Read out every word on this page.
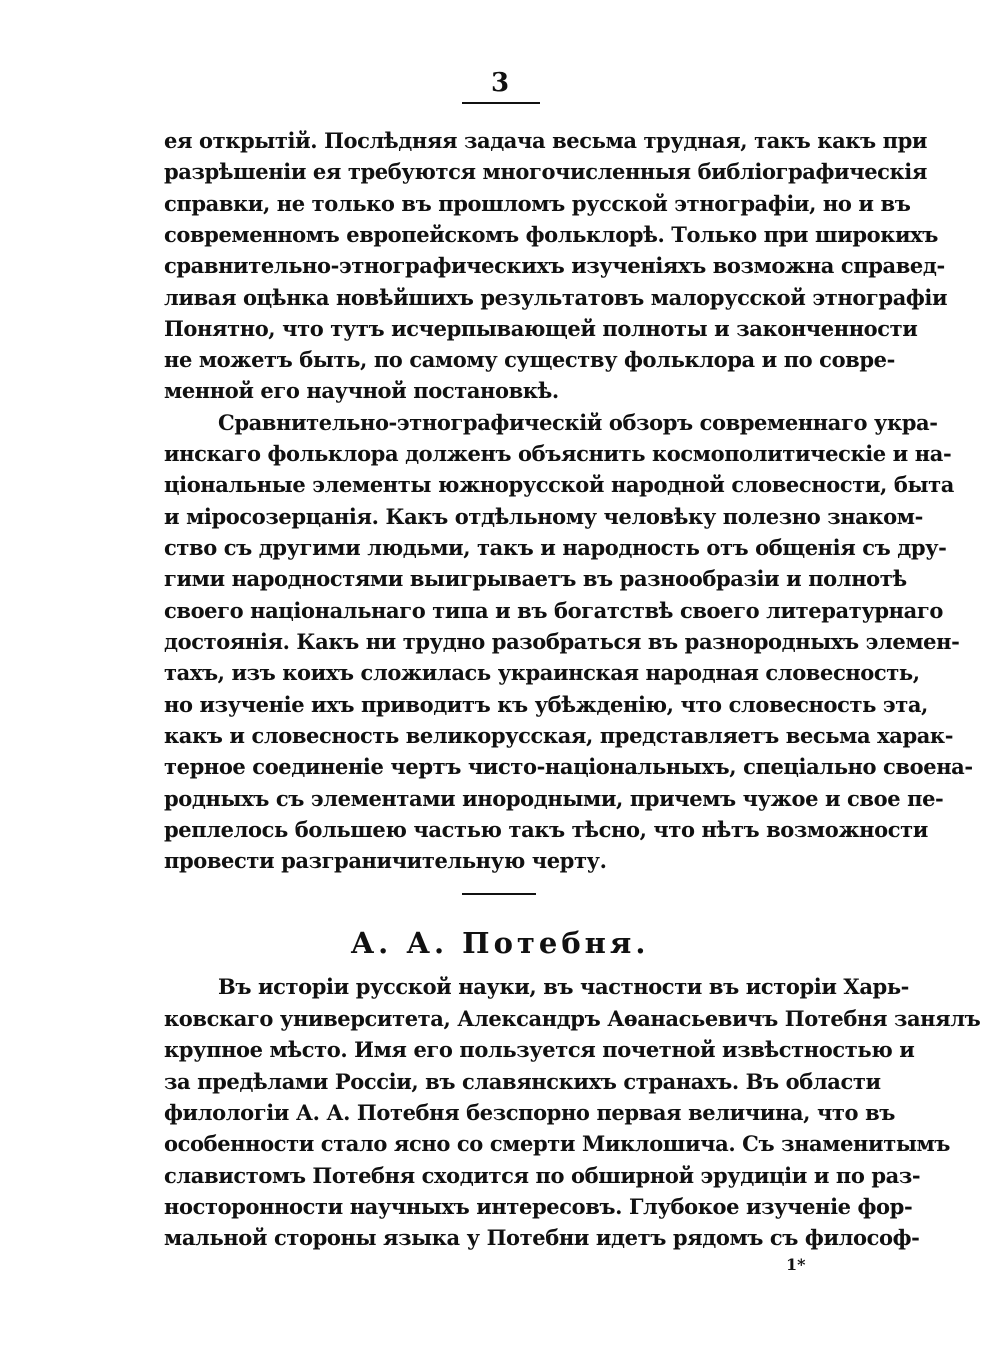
3
ея открытій. Послѣдняя задача весьма трудная, такъ какъ при
разрѣшеніи ея требуются многочисленныя библіографическія
справки, не только въ прошломъ русской этнографіи, но и въ
современномъ европейскомъ фольклорѣ. Только при широкихъ
сравнительно-этнографическихъ изученіяхъ возможна справед-
ливая оцѣнка новѣйшихъ результатовъ малорусской этнографіи
Понятно, что тутъ исчерпывающей полноты и законченности
не можетъ быть, по самому существу фольклора и по совре-
менной его научной постановкѣ.
Сравнительно-этнографическій обзоръ современнаго укра-
инскаго фольклора долженъ объяснить космополитическіе и на-
ціональные элементы южнорусской народной словесности, быта
и міросозерцанія. Какъ отдѣльному человѣку полезно знаком-
ство съ другими людьми, такъ и народность отъ общенія съ дру-
гими народностями выигрываетъ въ разнообразіи и полнотѣ
своего національнаго типа и въ богатствѣ своего литературнаго
достоянія. Какъ ни трудно разобраться въ разнородныхъ элемен-
тахъ, изъ коихъ сложилась украинская народная словесность,
но изученіе ихъ приводитъ къ убѣжденію, что словесность эта,
какъ и словесность великорусская, представляетъ весьма харак-
терное соединеніе чертъ чисто-національныхъ, спеціально своена-
родныхъ съ элементами инородными, причемъ чужое и свое пе-
реплелось большею частью такъ тѣсно, что нѣтъ возможности
провести разграничительную черту.
А. А. Потебня.
Въ исторіи русской науки, въ частности въ исторіи Харь-
ковскаго университета, Александръ Аѳанасьевичъ Потебня занялъ
крупное мѣсто. Имя его пользуется почетной извѣстностью и
за предѣлами Россіи, въ славянскихъ странахъ. Въ области
филологіи А. А. Потебня безспорно первая величина, что въ
особенности стало ясно со смерти Миклошича. Съ знаменитымъ
славистомъ Потебня сходится по обширной эрудиціи и по раз-
носторонности научныхъ интересовъ. Глубокое изученіе фор-
мальной стороны языка у Потебни идетъ рядомъ съ философ-
1*
